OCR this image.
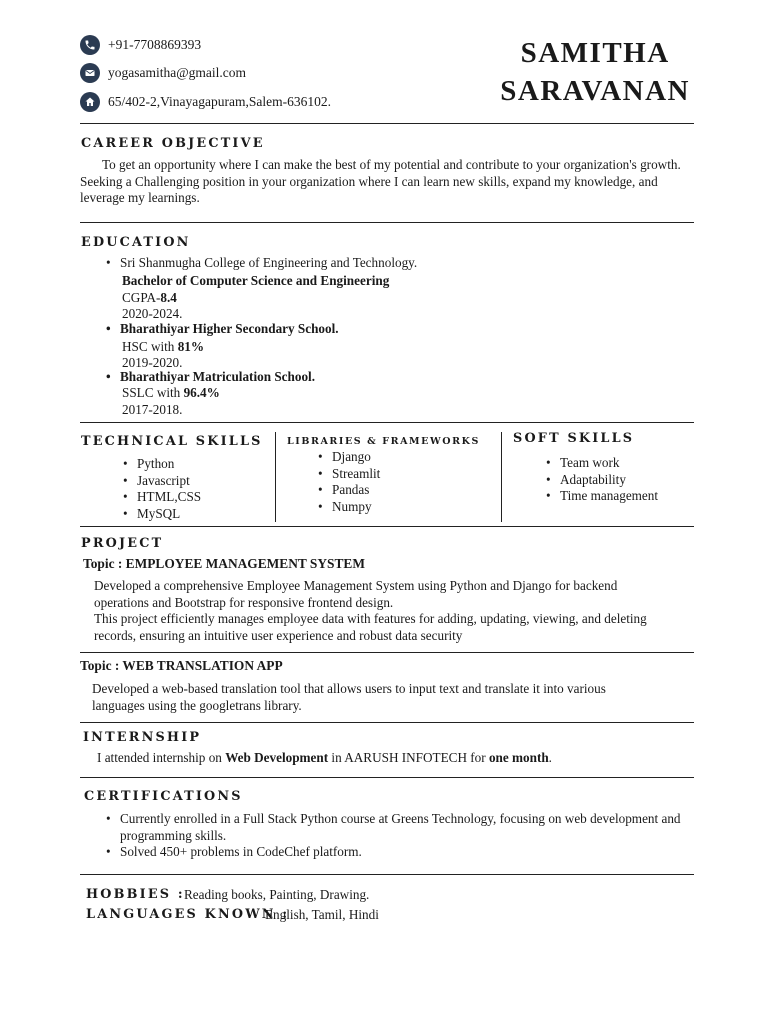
+91-7708869393
yogasamitha@gmail.com
65/402-2,Vinayagapuram,Salem-636102.
SAMITHA
SARAVANAN
CAREER OBJECTIVE
To get an opportunity where I can make the best of my potential and contribute to your organization's growth. Seeking a Challenging position in your organization where I can learn new skills, expand my knowledge, and leverage my learnings.
EDUCATION
• Sri Shanmugha College of Engineering and Technology.
Bachelor of Computer Science and Engineering
CGPA-8.4
2020-2024.
• Bharathiyar Higher Secondary School.
HSC with 81%
2019-2020.
• Bharathiyar Matriculation School.
SSLC with 96.4%
2017-2018.
TECHNICAL SKILLS
• Python
• Javascript
• HTML,CSS
• MySQL
LIBRARIES & FRAMEWORKS
• Django
• Streamlit
• Pandas
• Numpy
SOFT SKILLS
• Team work
• Adaptability
• Time management
PROJECT
Topic : EMPLOYEE MANAGEMENT SYSTEM
Developed a comprehensive Employee Management System using Python and Django for backend
operations and Bootstrap for responsive frontend design.
This project efficiently manages employee data with features for adding, updating, viewing, and deleting
records, ensuring an intuitive user experience and robust data security
Topic : WEB TRANSLATION APP
Developed a web-based translation tool that allows users to input text and translate it into various
languages using the googletrans library.
INTERNSHIP
I attended internship on Web Development in AARUSH INFOTECH for one month.
CERTIFICATIONS
• Currently enrolled in a Full Stack Python course at Greens Technology, focusing on web development and programming skills.
• Solved 450+ problems in CodeChef platform.
HOBBIES : Reading books, Painting, Drawing.
LANGUAGES KNOWN :
English, Tamil, Hindi
